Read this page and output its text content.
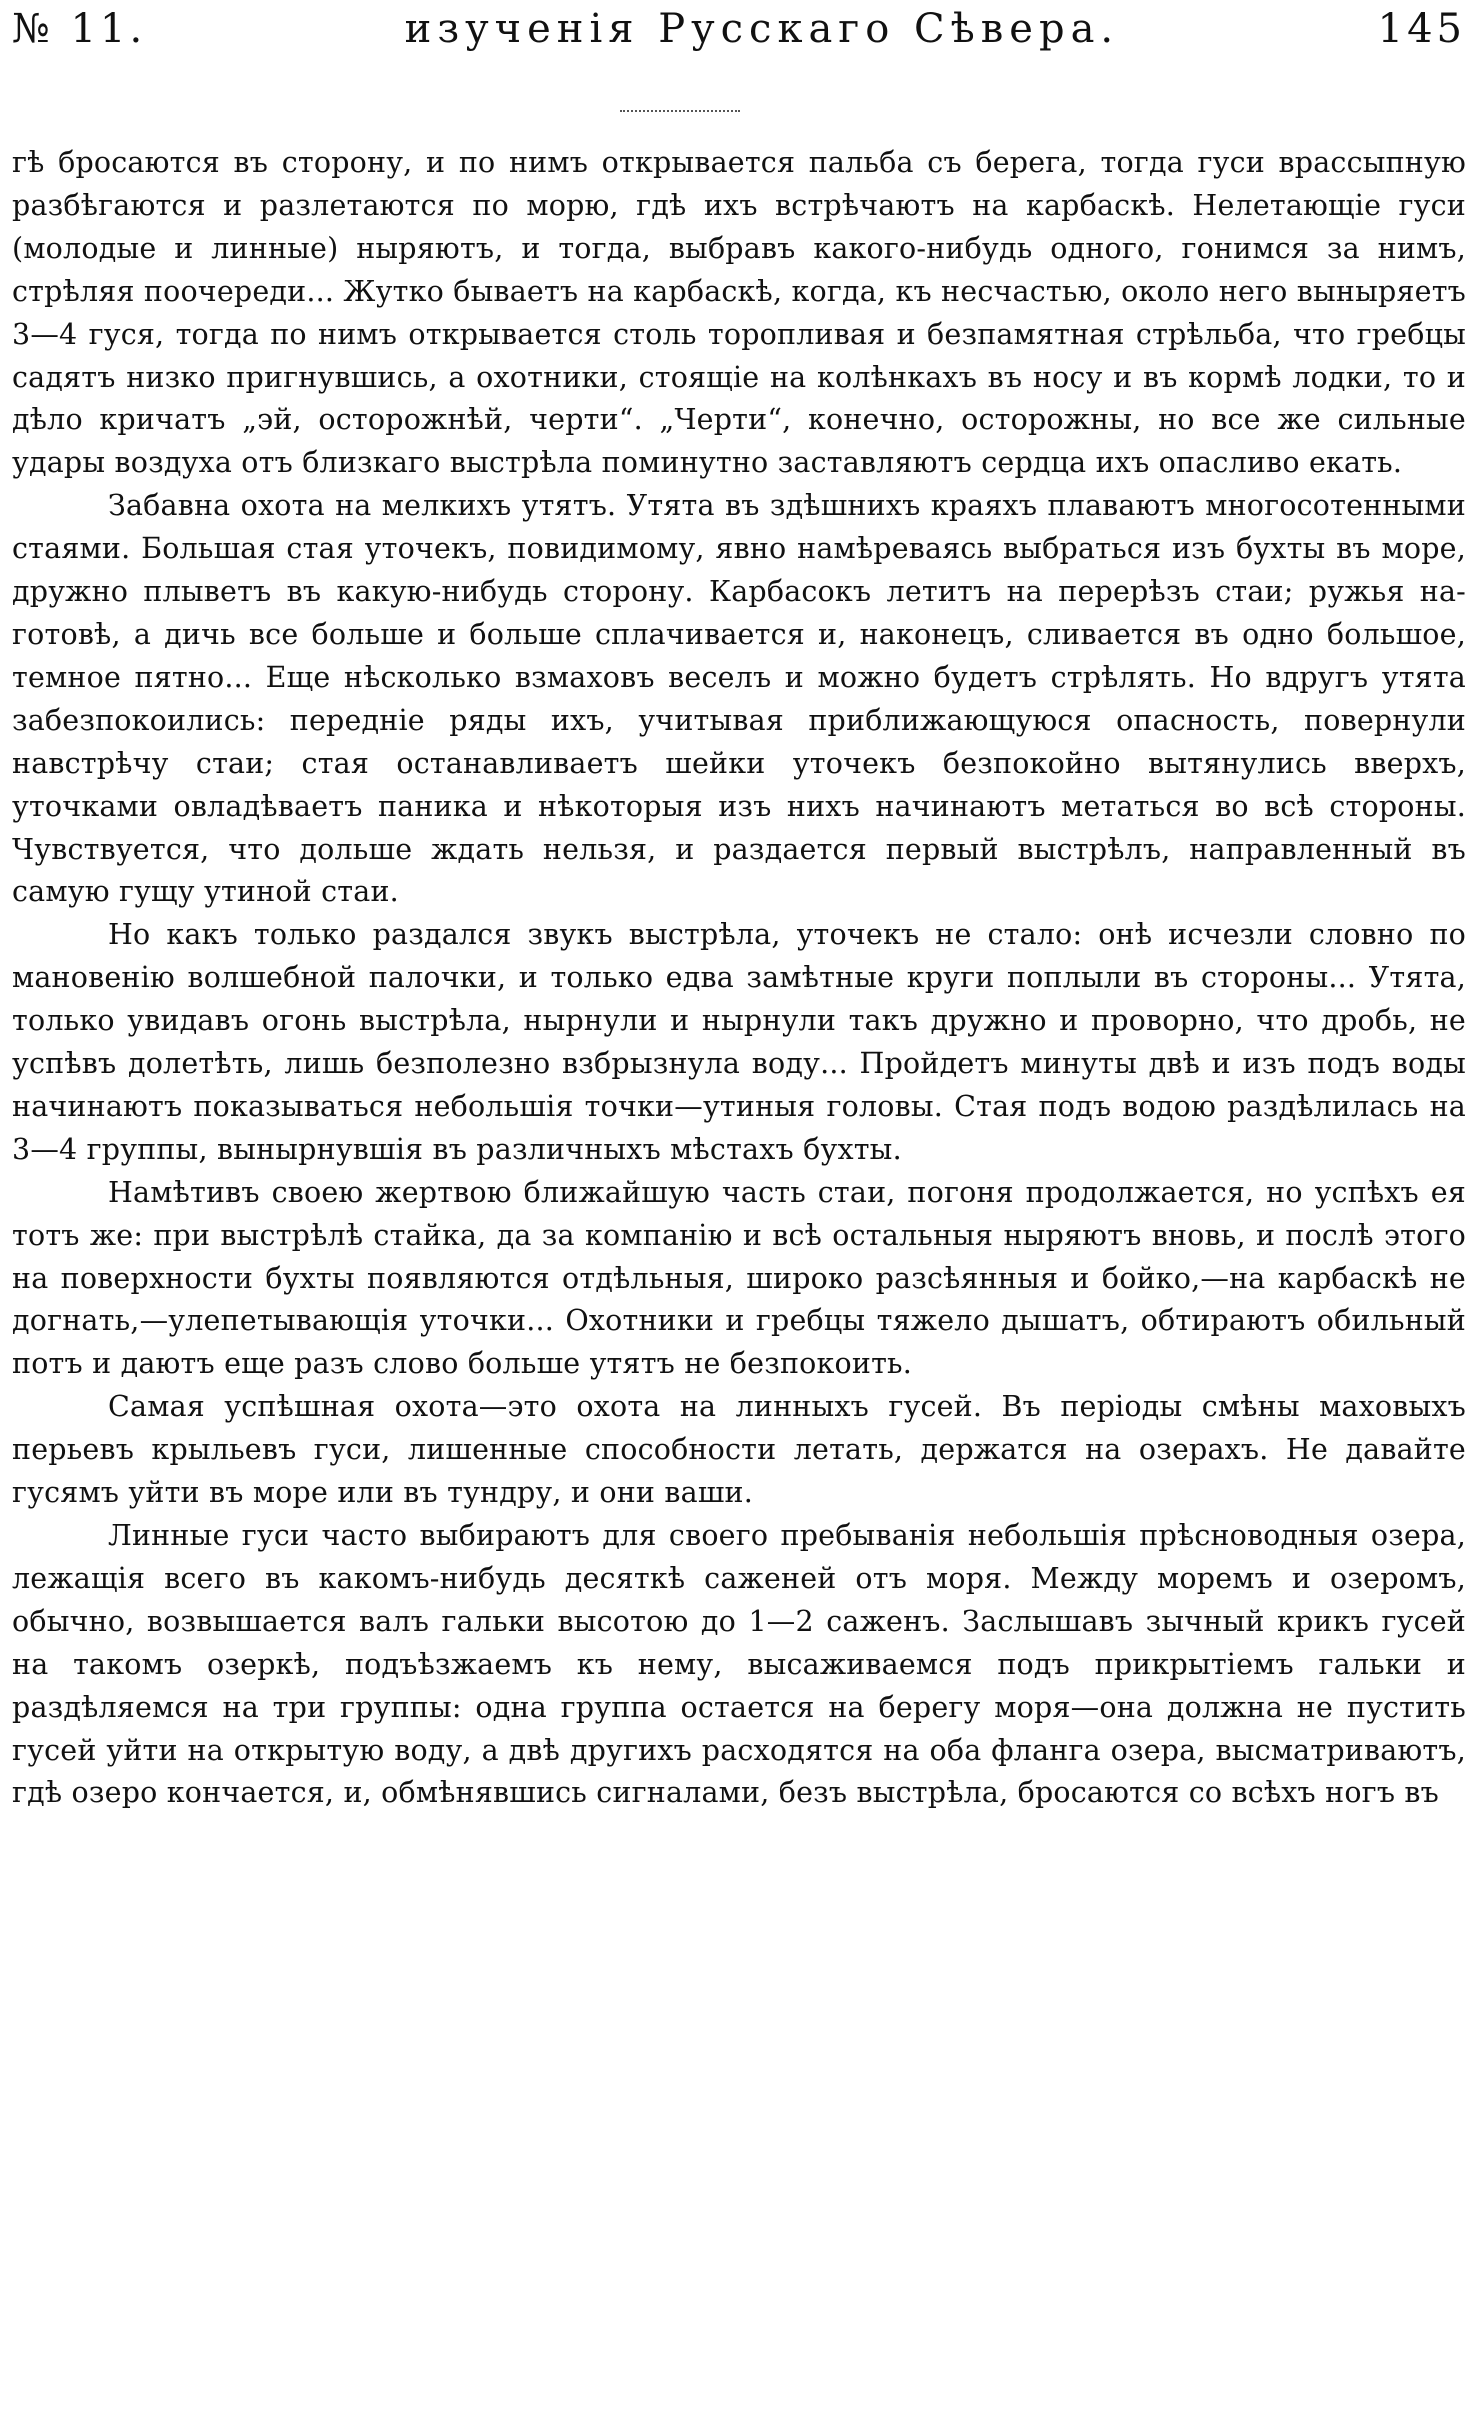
№ 11.	изученія Русскаго Сѣвера.	145

гѣ бросаются въ сторону, и по нимъ открывается пальба съ берега, тогда гуси врассыпную разбѣгаются и разлетаются по морю, гдѣ ихъ встрѣчаютъ на карбаскѣ. Нелетающіе гуси (молодые и линные) ныряютъ, и тогда, выбравъ какого-нибудь одного, гонимся за нимъ, стрѣляя поочереди... Жутко бываетъ на карбаскѣ, когда, къ несчастью, около него выныряетъ 3—4 гуся, тогда по нимъ открывается столь торопливая и безпамятная стрѣльба, что гребцы садятъ низко пригнувшись, а охотники, стоящіе на колѣнкахъ въ носу и въ кормѣ лодки, то и дѣло кричатъ „эй, осторожнѣй, черти“. „Черти“, конечно, осторожны, но все же сильные удары воздуха отъ близкаго выстрѣла поминутно заставляютъ сердца ихъ опасливо екать.

Забавна охота на мелкихъ утятъ. Утята въ здѣшнихъ краяхъ плаваютъ многосотенными стаями. Большая стая уточекъ, повидимому, явно намѣреваясь выбраться изъ бухты въ море, дружно плыветъ въ какую-нибудь сторону. Карбасокъ летитъ на перерѣзъ стаи; ружья на-готовѣ, а дичь все больше и больше сплачивается и, наконецъ, сливается въ одно большое, темное пятно... Еще нѣсколько взмаховъ веселъ и можно будетъ стрѣлять. Но вдругъ утята забезпокоились: передніе ряды ихъ, учитывая приближающуюся опасность, повернули навстрѣчу стаи; стая останавливаетъ шейки уточекъ безпокойно вытянулись вверхъ, уточками овладѣваетъ паника и нѣкоторыя изъ нихъ начинаютъ метаться во всѣ стороны. Чувствуется, что дольше ждать нельзя, и раздается первый выстрѣлъ, направленный въ самую гущу утиной стаи.

Но какъ только раздался звукъ выстрѣла, уточекъ не стало: онѣ исчезли словно по мановенію волшебной палочки, и только едва замѣтные круги поплыли въ стороны... Утята, только увидавъ огонь выстрѣла, нырнули и нырнули такъ дружно и проворно, что дробь, не успѣвъ долетѣть, лишь безполезно взбрызнула воду... Пройдетъ минуты двѣ и изъ подъ воды начинаютъ показываться небольшія точки—утиныя головы. Стая подъ водою раздѣлилась на 3—4 группы, вынырнувшія въ различныхъ мѣстахъ бухты.

Намѣтивъ своею жертвою ближайшую часть стаи, погоня продолжается, но успѣхъ ея тотъ же: при выстрѣлѣ стайка, да за компанію и всѣ остальныя ныряютъ вновь, и послѣ этого на поверхности бухты появляются отдѣльныя, широко разсѣянныя и бойко,—на карбаскѣ не догнать,—улепетывающія уточки... Охотники и гребцы тяжело дышатъ, обтираютъ обильный потъ и даютъ еще разъ слово больше утятъ не безпокоить.

Самая успѣшная охота—это охота на линныхъ гусей. Въ періоды смѣны маховыхъ перьевъ крыльевъ гуси, лишенные способности летать, держатся на озерахъ. Не давайте гусямъ уйти въ море или въ тундру, и они ваши.

Линные гуси часто выбираютъ для своего пребыванія небольшія прѣсноводныя озера, лежащія всего въ какомъ-нибудь десяткѣ саженей отъ моря. Между моремъ и озеромъ, обычно, возвышается валъ гальки высотою до 1—2 саженъ. Заслышавъ зычный крикъ гусей на такомъ озеркѣ, подъѣзжаемъ къ нему, высаживаемся подъ прикрытіемъ гальки и раздѣляемся на три группы: одна группа остается на берегу моря—она должна не пустить гусей уйти на открытую воду, а двѣ другихъ расходятся на оба фланга озера, высматриваютъ, гдѣ озеро кончается, и, обмѣнявшись сигналами, безъ выстрѣла, бросаются со всѣхъ ногъ въ
